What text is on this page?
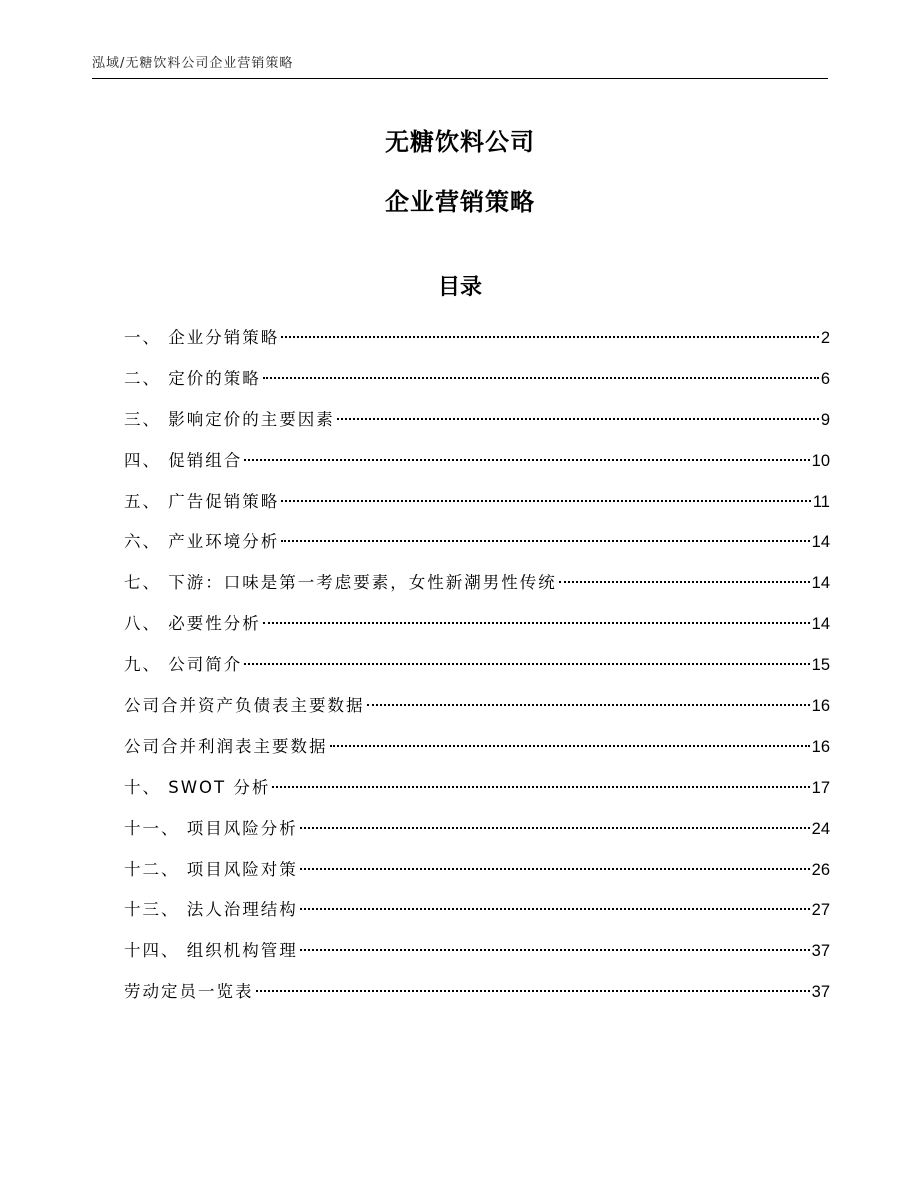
泓域/无糖饮料公司企业营销策略
无糖饮料公司
企业营销策略
目录
一、 企业分销策略	2
二、 定价的策略	6
三、 影响定价的主要因素	9
四、 促销组合	10
五、 广告促销策略	11
六、 产业环境分析	14
七、 下游：口味是第一考虑要素，女性新潮男性传统	14
八、 必要性分析	14
九、 公司简介	15
公司合并资产负债表主要数据	16
公司合并利润表主要数据	16
十、 SWOT 分析	17
十一、 项目风险分析	24
十二、 项目风险对策	26
十三、 法人治理结构	27
十四、 组织机构管理	37
劳动定员一览表	37
